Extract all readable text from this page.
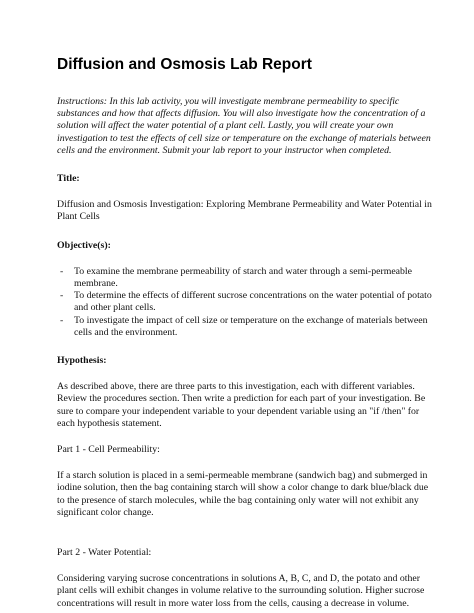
Diffusion and Osmosis Lab Report

Instructions: In this lab activity, you will investigate membrane permeability to specific substances and how that affects diffusion. You will also investigate how the concentration of a solution will affect the water potential of a plant cell. Lastly, you will create your own investigation to test the effects of cell size or temperature on the exchange of materials between cells and the environment. Submit your lab report to your instructor when completed.

Title:

Diffusion and Osmosis Investigation: Exploring Membrane Permeability and Water Potential in Plant Cells

Objective(s):

-	To examine the membrane permeability of starch and water through a semi-permeable membrane.
-	To determine the effects of different sucrose concentrations on the water potential of potato and other plant cells.
-	To investigate the impact of cell size or temperature on the exchange of materials between cells and the environment.

Hypothesis:

As described above, there are three parts to this investigation, each with different variables. Review the procedures section. Then write a prediction for each part of your investigation. Be sure to compare your independent variable to your dependent variable using an "if /then" for each hypothesis statement.

Part 1 - Cell Permeability:

If a starch solution is placed in a semi-permeable membrane (sandwich bag) and submerged in iodine solution, then the bag containing starch will show a color change to dark blue/black due to the presence of starch molecules, while the bag containing only water will not exhibit any significant color change.

Part 2 - Water Potential:

Considering varying sucrose concentrations in solutions A, B, C, and D, the potato and other plant cells will exhibit changes in volume relative to the surrounding solution. Higher sucrose concentrations will result in more water loss from the cells, causing a decrease in volume.
